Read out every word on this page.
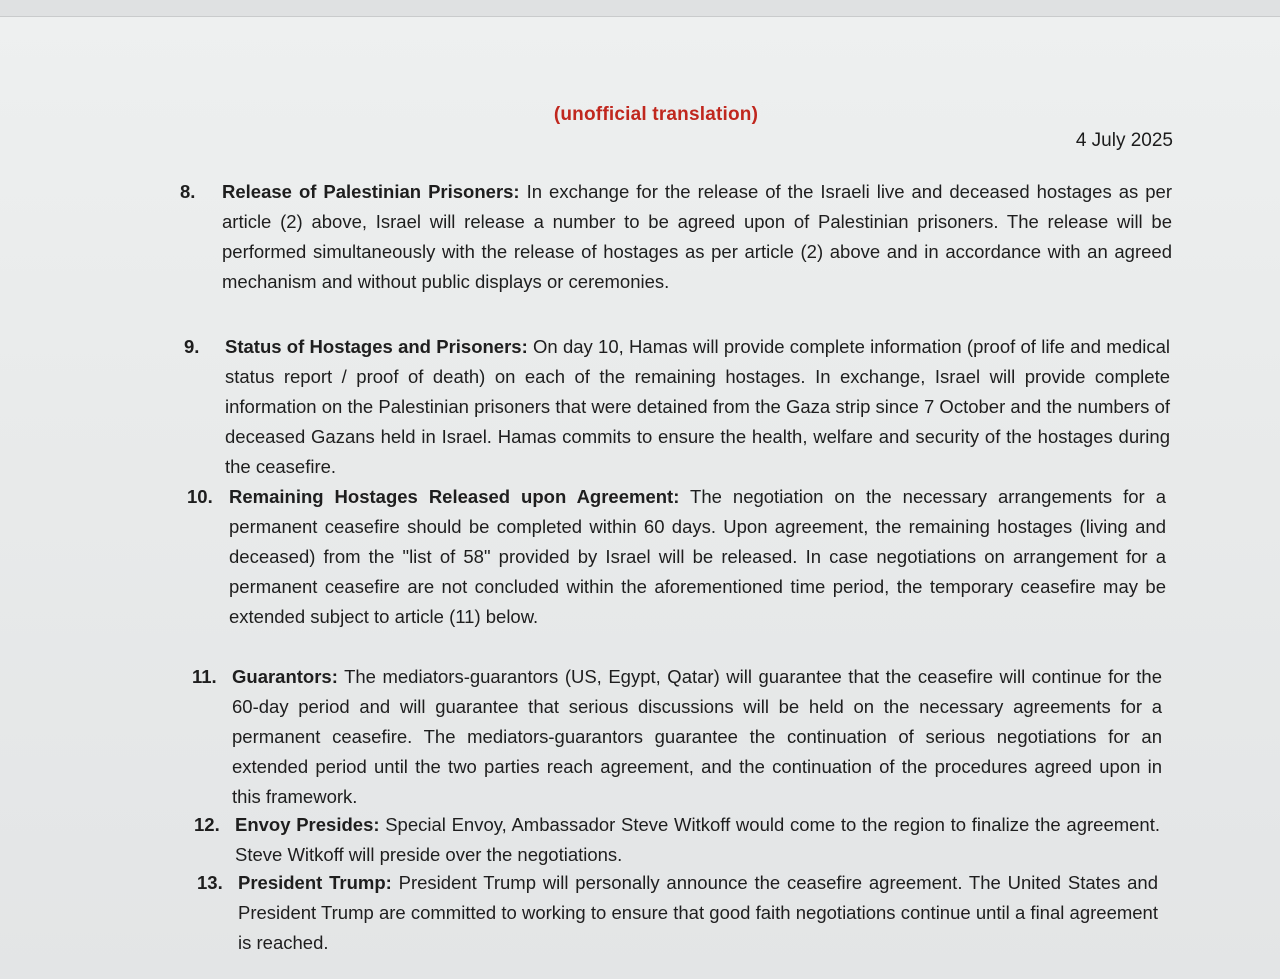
(unofficial translation)
4 July 2025
8. Release of Palestinian Prisoners: In exchange for the release of the Israeli live and deceased hostages as per article (2) above, Israel will release a number to be agreed upon of Palestinian prisoners. The release will be performed simultaneously with the release of hostages as per article (2) above and in accordance with an agreed mechanism and without public displays or ceremonies.
9. Status of Hostages and Prisoners: On day 10, Hamas will provide complete information (proof of life and medical status report / proof of death) on each of the remaining hostages. In exchange, Israel will provide complete information on the Palestinian prisoners that were detained from the Gaza strip since 7 October and the numbers of deceased Gazans held in Israel. Hamas commits to ensure the health, welfare and security of the hostages during the ceasefire.
10. Remaining Hostages Released upon Agreement: The negotiation on the necessary arrangements for a permanent ceasefire should be completed within 60 days. Upon agreement, the remaining hostages (living and deceased) from the "list of 58" provided by Israel will be released. In case negotiations on arrangement for a permanent ceasefire are not concluded within the aforementioned time period, the temporary ceasefire may be extended subject to article (11) below.
11. Guarantors: The mediators-guarantors (US, Egypt, Qatar) will guarantee that the ceasefire will continue for the 60-day period and will guarantee that serious discussions will be held on the necessary agreements for a permanent ceasefire. The mediators-guarantors guarantee the continuation of serious negotiations for an extended period until the two parties reach agreement, and the continuation of the procedures agreed upon in this framework.
12. Envoy Presides: Special Envoy, Ambassador Steve Witkoff would come to the region to finalize the agreement. Steve Witkoff will preside over the negotiations.
13. President Trump: President Trump will personally announce the ceasefire agreement. The United States and President Trump are committed to working to ensure that good faith negotiations continue until a final agreement is reached.
